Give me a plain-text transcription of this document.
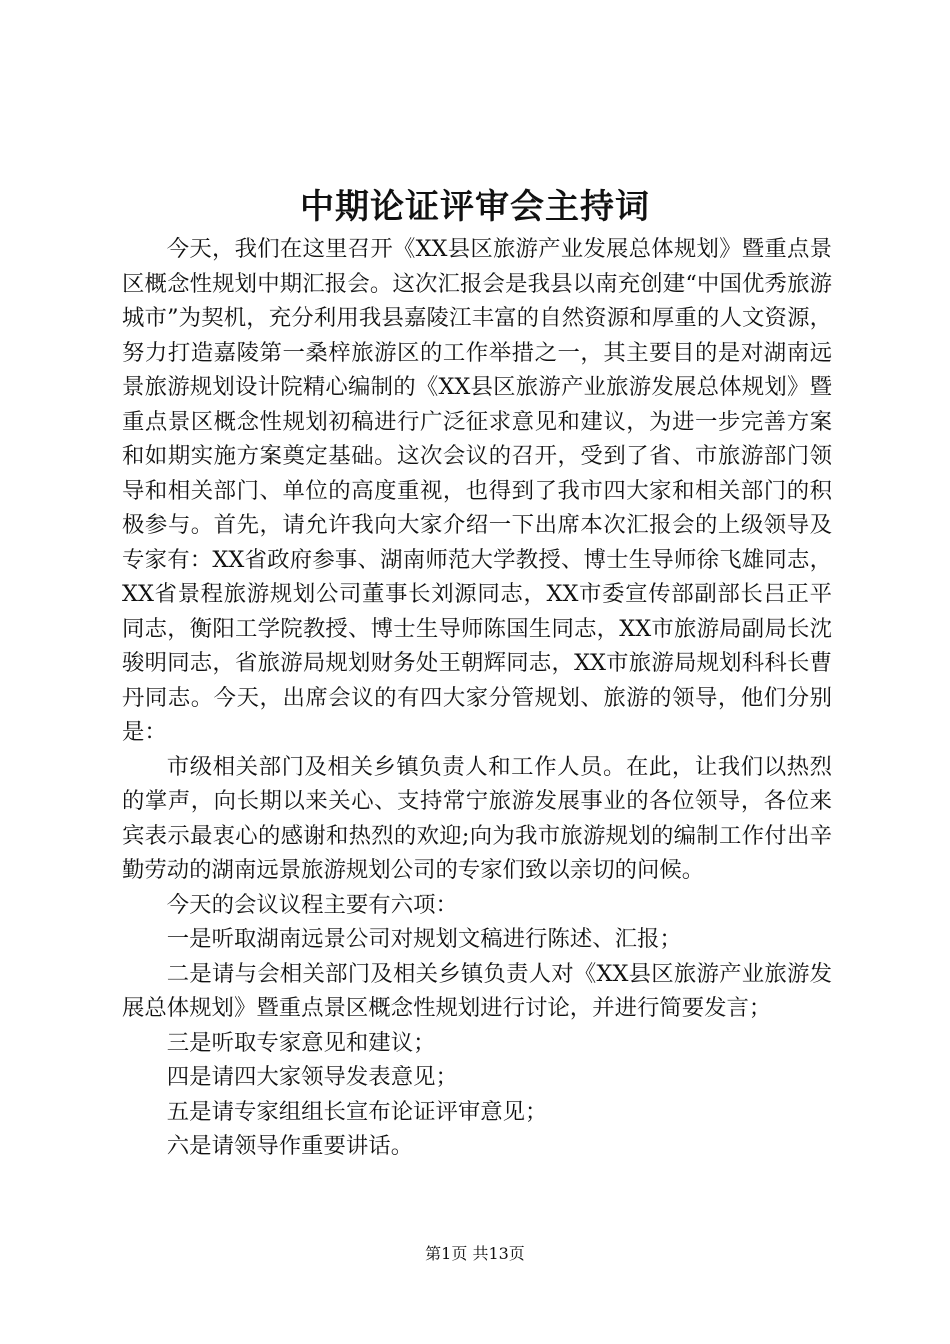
中期论证评审会主持词

今天，我们在这里召开《XX县区旅游产业发展总体规划》暨重点景区概念性规划中期汇报会。这次汇报会是我县以南充创建“中国优秀旅游城市”为契机，充分利用我县嘉陵江丰富的自然资源和厚重的人文资源，努力打造嘉陵第一桑梓旅游区的工作举措之一，其主要目的是对湖南远景旅游规划设计院精心编制的《XX县区旅游产业旅游发展总体规划》暨重点景区概念性规划初稿进行广泛征求意见和建议，为进一步完善方案和如期实施方案奠定基础。这次会议的召开，受到了省、市旅游部门领导和相关部门、单位的高度重视，也得到了我市四大家和相关部门的积极参与。首先，请允许我向大家介绍一下出席本次汇报会的上级领导及专家有：XX省政府参事、湖南师范大学教授、博士生导师徐飞雄同志，XX省景程旅游规划公司董事长刘源同志，XX市委宣传部副部长吕正平同志，衡阳工学院教授、博士生导师陈国生同志，XX市旅游局副局长沈骏明同志，省旅游局规划财务处王朝辉同志，XX市旅游局规划科科长曹丹同志。今天，出席会议的有四大家分管规划、旅游的领导，他们分别是：

市级相关部门及相关乡镇负责人和工作人员。在此，让我们以热烈的掌声，向长期以来关心、支持常宁旅游发展事业的各位领导，各位来宾表示最衷心的感谢和热烈的欢迎;向为我市旅游规划的编制工作付出辛勤劳动的湖南远景旅游规划公司的专家们致以亲切的问候。

今天的会议议程主要有六项：

一是听取湖南远景公司对规划文稿进行陈述、汇报；

二是请与会相关部门及相关乡镇负责人对《XX县区旅游产业旅游发展总体规划》暨重点景区概念性规划进行讨论，并进行简要发言；

三是听取专家意见和建议；

四是请四大家领导发表意见；

五是请专家组组长宣布论证评审意见；

六是请领导作重要讲话。

第1页 共13页
